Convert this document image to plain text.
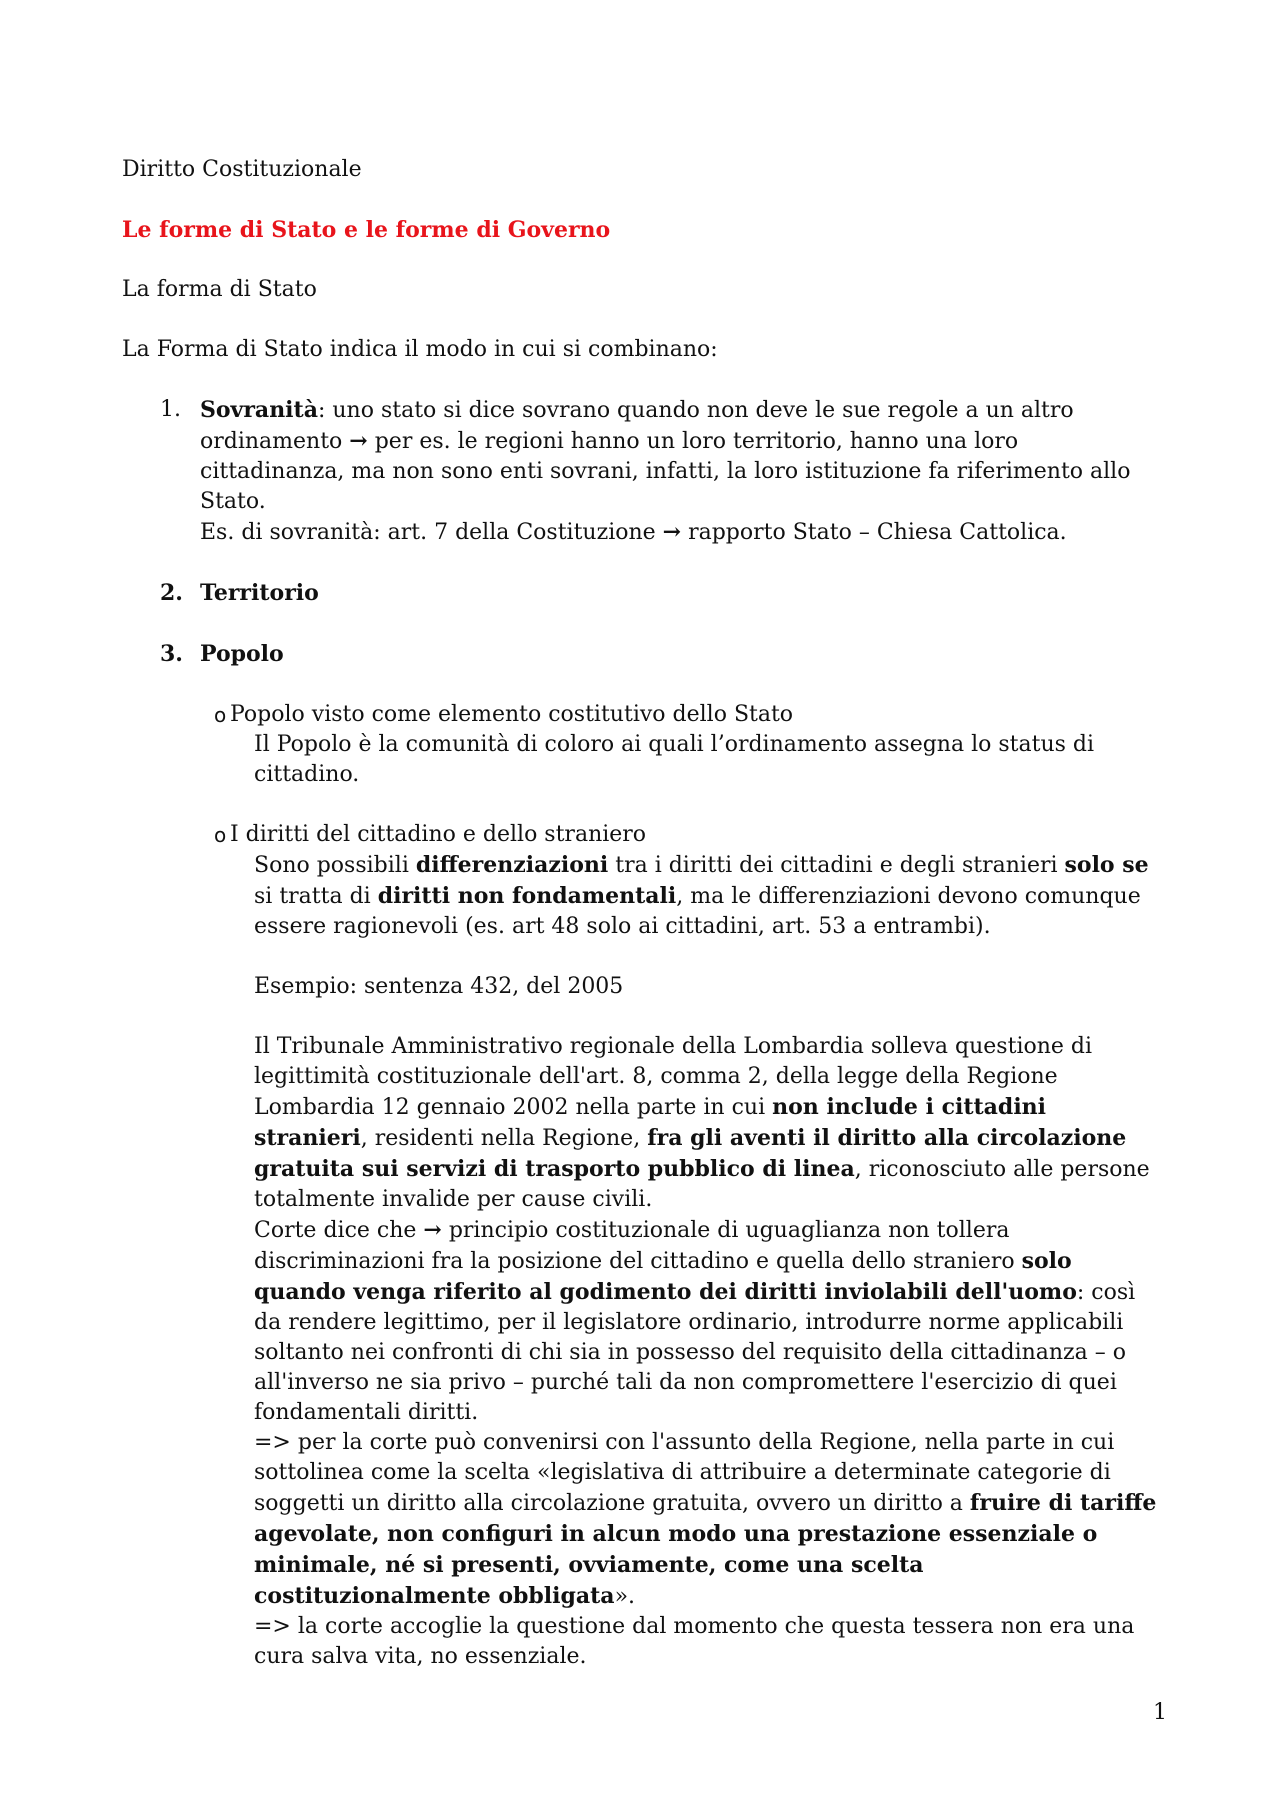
Diritto Costituzionale

Le forme di Stato e le forme di Governo

La forma di Stato

La Forma di Stato indica il modo in cui si combinano:

1. Sovranità: uno stato si dice sovrano quando non deve le sue regole a un altro ordinamento → per es. le regioni hanno un loro territorio, hanno una loro cittadinanza, ma non sono enti sovrani, infatti, la loro istituzione fa riferimento allo Stato.

Es. di sovranità: art. 7 della Costituzione → rapporto Stato – Chiesa Cattolica.

2. Territorio

3. Popolo

o Popolo visto come elemento costitutivo dello Stato

Il Popolo è la comunità di coloro ai quali l’ordinamento assegna lo status di cittadino.

o I diritti del cittadino e dello straniero

Sono possibili differenziazioni tra i diritti dei cittadini e degli stranieri solo se si tratta di diritti non fondamentali, ma le differenziazioni devono comunque essere ragionevoli (es. art 48 solo ai cittadini, art. 53 a entrambi).

Esempio: sentenza 432, del 2005

Il Tribunale Amministrativo regionale della Lombardia solleva questione di legittimità costituzionale dell'art. 8, comma 2, della legge della Regione Lombardia 12 gennaio 2002 nella parte in cui non include i cittadini stranieri, residenti nella Regione, fra gli aventi il diritto alla circolazione gratuita sui servizi di trasporto pubblico di linea, riconosciuto alle persone totalmente invalide per cause civili.

Corte dice che → principio costituzionale di uguaglianza non tollera discriminazioni fra la posizione del cittadino e quella dello straniero solo quando venga riferito al godimento dei diritti inviolabili dell'uomo: così da rendere legittimo, per il legislatore ordinario, introdurre norme applicabili soltanto nei confronti di chi sia in possesso del requisito della cittadinanza – o all'inverso ne sia privo – purché tali da non compromettere l'esercizio di quei fondamentali diritti.

=> per la corte può convenirsi con l'assunto della Regione, nella parte in cui sottolinea come la scelta «legislativa di attribuire a determinate categorie di soggetti un diritto alla circolazione gratuita, ovvero un diritto a fruire di tariffe agevolate, non configuri in alcun modo una prestazione essenziale o minimale, né si presenti, ovviamente, come una scelta costituzionalmente obbligata».

=> la corte accoglie la questione dal momento che questa tessera non era una cura salva vita, no essenziale.

1
